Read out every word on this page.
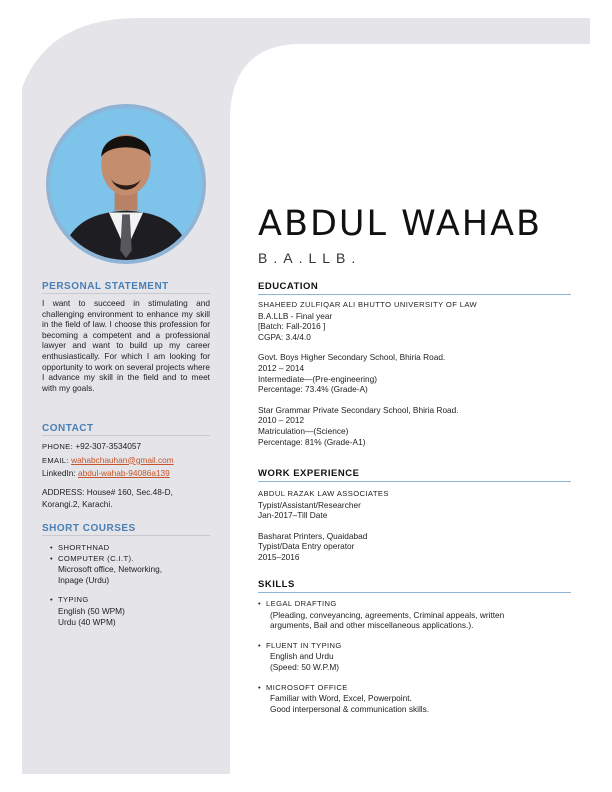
PERSONAL STATEMENT
I want to succeed in stimulating and challenging environment to enhance my skill in the field of law. I choose this profession for becoming a competent and a professional lawyer and want to build up my career enthusiastically. For which I am looking for opportunity to work on several projects where I advance my skill in the field and to meet with my goals.
CONTACT
PHONE: +92-307-3534057
EMAIL: wahabchauhan@gmail.com
LinkedIn: abdul-wahab-94086a139
ADDRESS: House# 160, Sec.48-D,
Korangi.2, Karachi.
SHORT COURSES
• SHORTHNAD
• COMPUTER (C.I.T).
Microsoft office, Networking,
Inpage (Urdu)
• TYPING
English (50 WPM)
Urdu (40 WPM)
ABDUL WAHAB
B.A.LLB.
EDUCATION
SHAHEED ZULFIQAR ALI BHUTTO UNIVERSITY OF LAW
B.A.LLB - Final year
[Batch: Fall-2016 ]
CGPA: 3.4/4.0
Govt. Boys Higher Secondary School, Bhiria Road.
2012 – 2014
Intermediate—(Pre-engineering)
Percentage: 73.4% (Grade-A)
Star Grammar Private Secondary School, Bhiria Road.
2010 – 2012
Matriculation—(Science)
Percentage: 81% (Grade-A1)
WORK EXPERIENCE
ABDUL RAZAK LAW ASSOCIATES
Typist/Assistant/Researcher
Jan-2017–Till Date
Basharat Printers, Quaidabad
Typist/Data Entry operator
2015–2016
SKILLS
• LEGAL DRAFTING
(Pleading, conveyancing, agreements, Criminal appeals, written
arguments, Bail and other miscellaneous applications.).
• FLUENT IN TYPING
English and Urdu
(Speed: 50 W.P.M)
• MICROSOFT OFFICE
Familiar with Word, Excel, Powerpoint.
Good interpersonal & communication skills.
